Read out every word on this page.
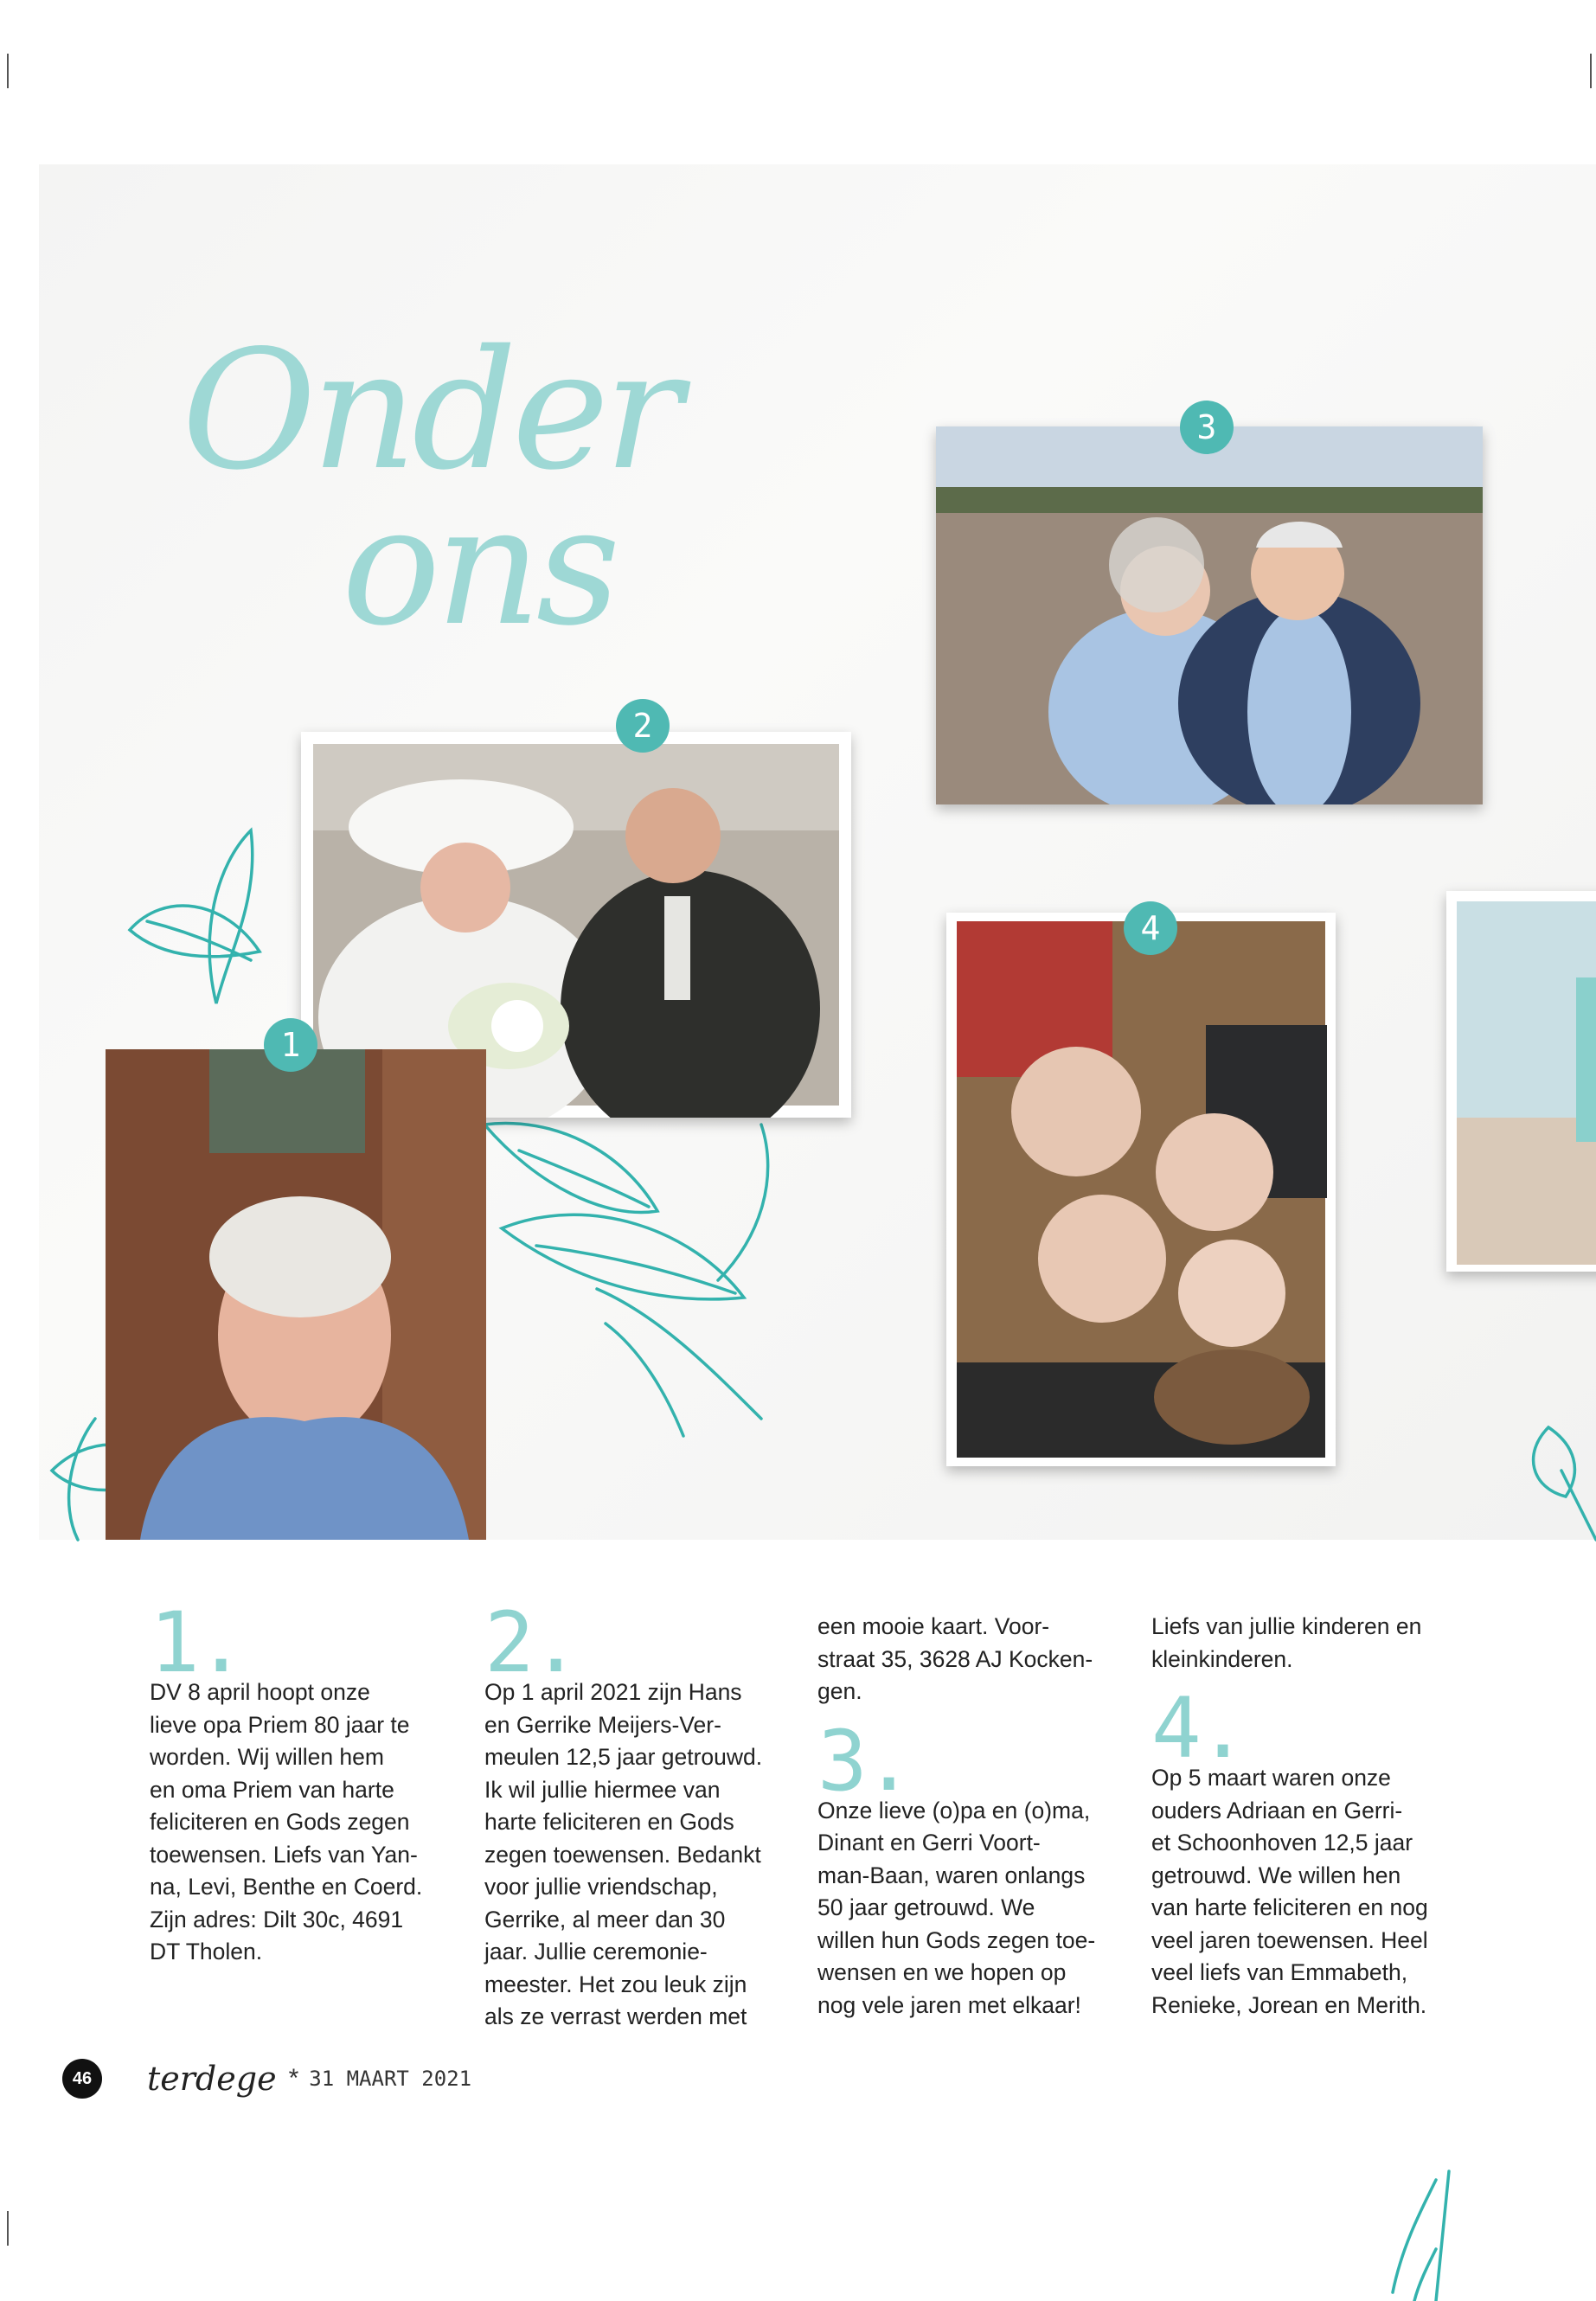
Onder
ons
1
2
3
4
1.

DV 8 april hoopt onze

lieve opa Priem 80 jaar te

worden. Wij willen hem

en oma Priem van harte

feliciteren en Gods zegen

toewensen. Liefs van Yan-

na, Levi, Benthe en Coerd.

Zijn adres: Dilt 30c, 4691

DT Tholen.

2.

Op 1 april 2021 zijn Hans

en Gerrike Meijers-Ver-

meulen 12,5 jaar getrouwd.

Ik wil jullie hiermee van

harte feliciteren en Gods

zegen toewensen. Bedankt

voor jullie vriendschap,

Gerrike, al meer dan 30

jaar. Jullie ceremonie-

meester. Het zou leuk zijn

als ze verrast werden met

een mooie kaart. Voor-

straat 35, 3628 AJ Kocken-

gen.

3.

Onze lieve (o)pa en (o)ma,

Dinant en Gerri Voort-

man-Baan, waren onlangs

50 jaar getrouwd. We

willen hun Gods zegen toe-

wensen en we hopen op

nog vele jaren met elkaar!

Liefs van jullie kinderen en

kleinkinderen.

4.

Op 5 maart waren onze

ouders Adriaan en Gerri-

et Schoonhoven 12,5 jaar

getrouwd. We willen hen

van harte feliciteren en nog

veel jaren toewensen. Heel

veel liefs van Emmabeth,

Renieke, Jorean en Merith.

46	terdege * 31 MAART 2021
